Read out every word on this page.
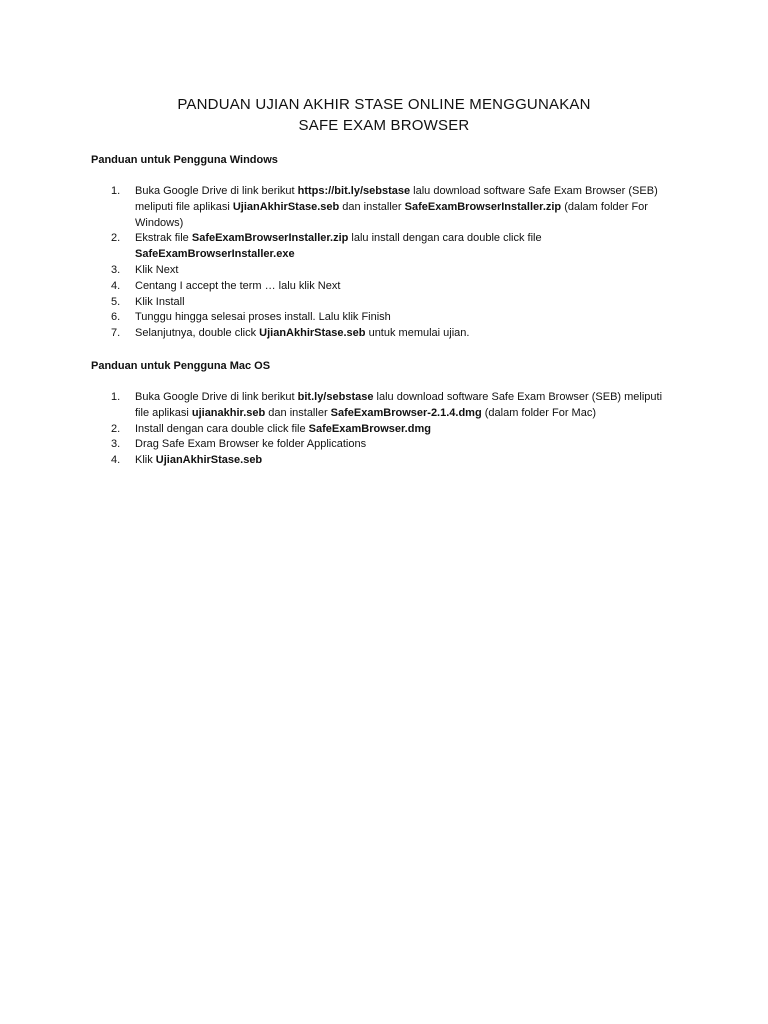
PANDUAN UJIAN AKHIR STASE ONLINE MENGGUNAKAN
SAFE EXAM BROWSER
Panduan untuk Pengguna Windows
1.	Buka Google Drive di link berikut https://bit.ly/sebstase lalu download software Safe Exam Browser (SEB) meliputi file aplikasi UjianAkhirStase.seb dan installer SafeExamBrowserInstaller.zip (dalam folder For Windows)
2.	Ekstrak file SafeExamBrowserInstaller.zip lalu install dengan cara double click file SafeExamBrowserInstaller.exe
3.	Klik Next
4.	Centang I accept the term … lalu klik Next
5.	Klik Install
6.	Tunggu hingga selesai proses install. Lalu klik Finish
7.	Selanjutnya, double click UjianAkhirStase.seb untuk memulai ujian.
Panduan untuk Pengguna Mac OS
1.	Buka Google Drive di link berikut bit.ly/sebstase lalu download software Safe Exam Browser (SEB) meliputi file aplikasi ujianakhir.seb dan installer SafeExamBrowser-2.1.4.dmg (dalam folder For Mac)
2.	Install dengan cara double click file SafeExamBrowser.dmg
3.	Drag Safe Exam Browser ke folder Applications
4.	Klik UjianAkhirStase.seb
